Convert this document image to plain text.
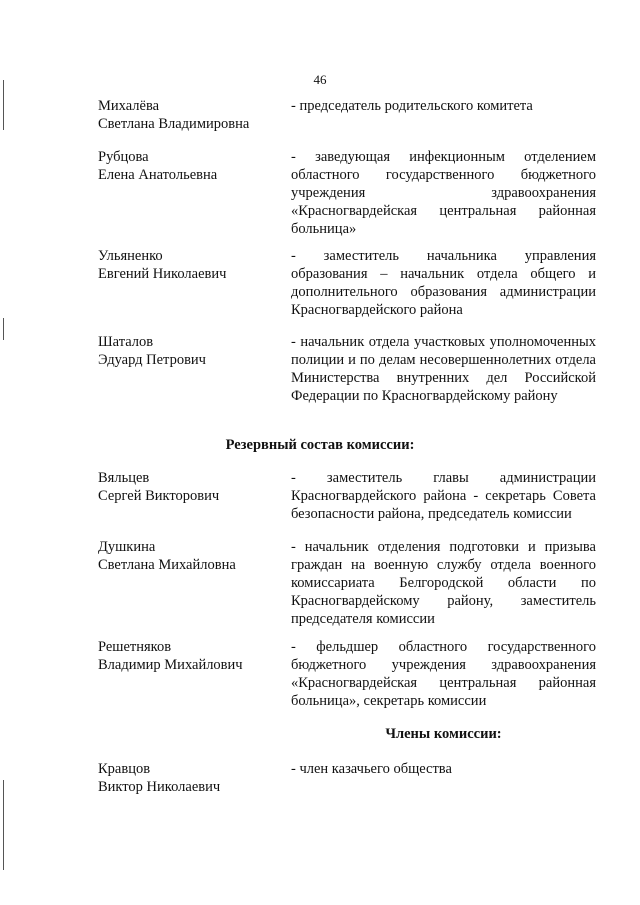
46
Михалёва
Светлана Владимировна
- председатель родительского комитета
Рубцова
Елена Анатольевна
- заведующая инфекционным отделением областного государственного бюджетного учреждения здравоохранения «Красногвардейская центральная районная больница»
Ульяненко
Евгений Николаевич
- заместитель начальника управления образования – начальник отдела общего и дополнительного образования администрации Красногвардейского района
Шаталов
Эдуард Петрович
- начальник отдела участковых уполномоченных полиции и по делам несовершеннолетних отдела Министерства внутренних дел Российской Федерации по Красногвардейскому району
Резервный состав комиссии:
Вяльцев
Сергей Викторович
- заместитель главы администрации Красногвардейского района - секретарь Совета безопасности района, председатель комиссии
Душкина
Светлана Михайловна
- начальник отделения подготовки и призыва граждан на военную службу отдела военного комиссариата Белгородской области по Красногвардейскому району, заместитель председателя комиссии
Решетняков
Владимир Михайлович
- фельдшер областного государственного бюджетного учреждения здравоохранения «Красногвардейская центральная районная больница», секретарь комиссии
Члены комиссии:
Кравцов
Виктор Николаевич
- член казачьего общества
